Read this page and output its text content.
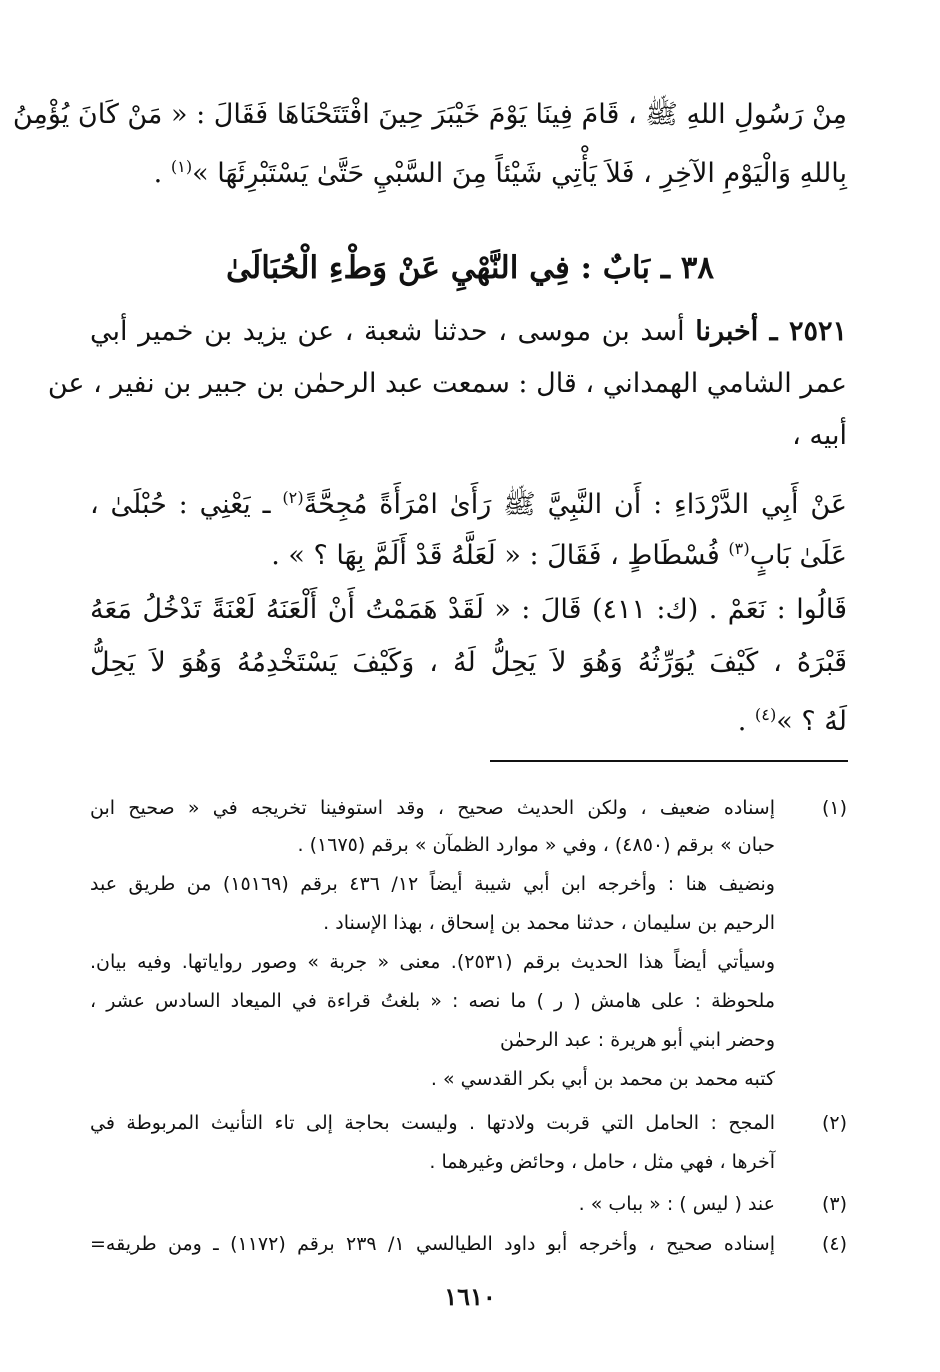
مِنْ رَسُولِ اللهِ ﷺ ، قَامَ فِينَا يَوْمَ خَيْبَرَ حِينَ افْتَتَحْنَاهَا فَقَالَ : « مَنْ كَانَ يُؤْمِنُ
بِاللهِ وَالْيَوْمِ الآخِرِ ، فَلاَ يَأْتِي شَيْئاً مِنَ السَّبْيِ حَتَّىٰ يَسْتَبْرِئَهَا »$^{(١)}$ .
٣٨ ـ بَابٌ : فِي النَّهْيِ عَنْ وَطْءِ الْحُبَالَىٰ
٢٥٢١ ـ أخبرنا أسد بن موسى ، حدثنا شعبة ، عن يزيد بن خمير أبي
عمر الشامي الهمداني ، قال : سمعت عبد الرحمٰن بن جبير بن نفير ، عن
أبيه ،
عَنْ أَبِي الدَّرْدَاءِ : أَن النَّبِيَّ ﷺ رَأَىٰ امْرَأَةً مُجِحَّةً$^{(٢)}$ ـ يَعْنِي : حُبْلَىٰ ،
عَلَىٰ بَابٍ$^{(٣)}$ فُسْطَاطٍ ، فَقَالَ : « لَعَلَّهُ قَدْ أَلَمَّ بِهَا ؟ » .
قَالُوا : نَعَمْ . (ك: ٤١١) قَالَ : « لَقَدْ هَمَمْتُ أَنْ أَلْعَنَهُ لَعْنَةً تَدْخُلُ مَعَهُ
قَبْرَهُ ، كَيْفَ يُوَرِّثُهُ وَهُوَ لاَ يَحِلُّ لَهُ ، وَكَيْفَ يَسْتَخْدِمُهُ وَهُوَ لاَ يَحِلُّ
لَهُ ؟ »$^{(٤)}$ .
(١)
إسناده ضعيف ، ولكن الحديث صحيح ، وقد استوفينا تخريجه في « صحيح ابن
حبان » برقم (٤٨٥٠) ، وفي « موارد الظمآن » برقم (١٦٧٥) .
ونضيف هنا : وأخرجه ابن أبي شيبة أيضاً ١٢/ ٤٣٦ برقم (١٥١٦٩) من طريق عبد
الرحيم بن سليمان ، حدثنا محمد بن إسحاق ، بهذا الإسناد .
وسيأتي أيضاً هذا الحديث برقم (٢٥٣١). معنى « جربة » وصور رواياتها. وفيه بيان.
ملحوظة : على هامش ( ر ) ما نصه : « بلغتُ قراءة في الميعاد السادس عشر ،
وحضر ابني أبو هريرة : عبد الرحمٰن
كتبه محمد بن محمد بن أبي بكر القدسي » .
(٢)
المجح : الحامل التي قربت ولادتها . وليست بحاجة إلى تاء التأنيث المربوطة في
آخرها ، فهي مثل ، حامل ، وحائض وغيرهما .
(٣)
عند ( ليس ) : « بباب » .
(٤)
إسناده صحيح ، وأخرجه أبو داود الطيالسي ١/ ٢٣٩ برقم (١١٧٢) ـ ومن طريقه=
١٦١٠
